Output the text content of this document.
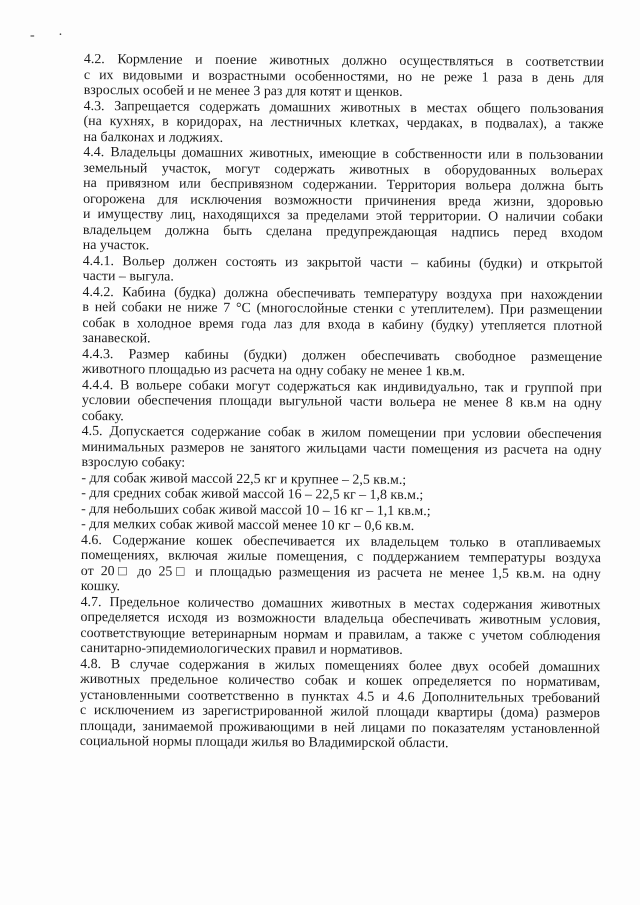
- ·
4.2. Кормление и поение животных должно осуществляться в соответствии
с их видовыми и возрастными особенностями, но не реже 1 раза в день для
взрослых особей и не менее 3 раз для котят и щенков.
4.3. Запрещается содержать домашних животных в местах общего пользования
(на кухнях, в коридорах, на лестничных клетках, чердаках, в подвалах), а также
на балконах и лоджиях.
4.4. Владельцы домашних животных, имеющие в собственности или в пользовании
земельный участок, могут содержать животных в оборудованных вольерах
на привязном или беспривязном содержании. Территория вольера должна быть
огорожена для исключения возможности причинения вреда жизни, здоровью
и имуществу лиц, находящихся за пределами этой территории. О наличии собаки
владельцем должна быть сделана предупреждающая надпись перед входом
на участок.
4.4.1. Вольер должен состоять из закрытой части – кабины (будки) и открытой
части – выгула.
4.4.2. Кабина (будка) должна обеспечивать температуру воздуха при нахождении
в ней собаки не ниже 7 °С (многослойные стенки с утеплителем). При размещении
собак в холодное время года лаз для входа в кабину (будку) утепляется плотной
занавеской.
4.4.3. Размер кабины (будки) должен обеспечивать свободное размещение
животного площадью из расчета на одну собаку не менее 1 кв.м.
4.4.4. В вольере собаки могут содержаться как индивидуально, так и группой при
условии обеспечения площади выгульной части вольера не менее 8 кв.м на одну
собаку.
4.5. Допускается содержание собак в жилом помещении при условии обеспечения
минимальных размеров не занятого жильцами части помещения из расчета на одну
взрослую собаку:
- для собак живой массой 22,5 кг и крупнее – 2,5 кв.м.;
- для средних собак живой массой 16 – 22,5 кг – 1,8 кв.м.;
- для небольших собак живой массой 10 – 16 кг – 1,1 кв.м.;
- для мелких собак живой массой менее 10 кг – 0,6 кв.м.
4.6. Содержание кошек обеспечивается их владельцем только в отапливаемых
помещениях, включая жилые помещения, с поддержанием температуры воздуха
от 20□ до 25□ и площадью размещения из расчета не менее 1,5 кв.м. на одну
кошку.
4.7. Предельное количество домашних животных в местах содержания животных
определяется исходя из возможности владельца обеспечивать животным условия,
соответствующие ветеринарным нормам и правилам, а также с учетом соблюдения
санитарно-эпидемиологических правил и нормативов.
4.8. В случае содержания в жилых помещениях более двух особей домашних
животных предельное количество собак и кошек определяется по нормативам,
установленными соответственно в пунктах 4.5 и 4.6 Дополнительных требований
с исключением из зарегистрированной жилой площади квартиры (дома) размеров
площади, занимаемой проживающими в ней лицами по показателям установленной
социальной нормы площади жилья во Владимирской области.
